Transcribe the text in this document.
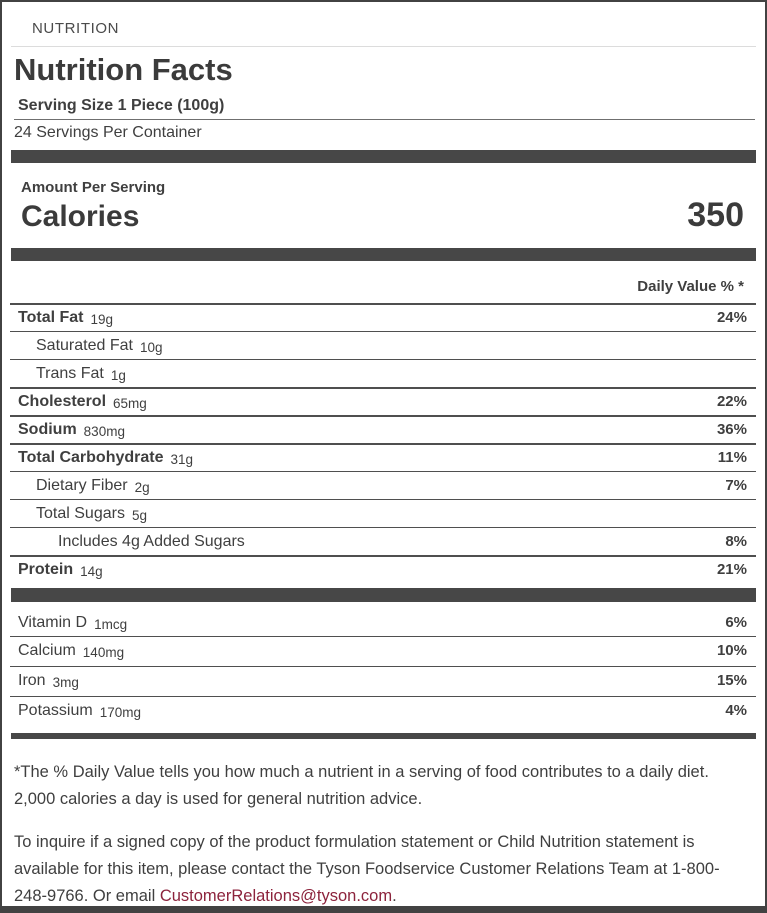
NUTRITION
Nutrition Facts
Serving Size 1 Piece (100g)
24 Servings Per Container
Amount Per Serving
Calories	350
Daily Value % *
Total Fat 19g	24%
Saturated Fat 10g
Trans Fat 1g
Cholesterol 65mg	22%
Sodium 830mg	36%
Total Carbohydrate 31g	11%
Dietary Fiber 2g	7%
Total Sugars 5g
Includes 4g Added Sugars	8%
Protein 14g	21%
Vitamin D 1mcg	6%
Calcium 140mg	10%
Iron 3mg	15%
Potassium 170mg	4%

*The % Daily Value tells you how much a nutrient in a serving of food contributes to a daily diet. 2,000 calories a day is used for general nutrition advice.

To inquire if a signed copy of the product formulation statement or Child Nutrition statement is available for this item, please contact the Tyson Foodservice Customer Relations Team at 1-800-248-9766. Or email CustomerRelations@tyson.com.
